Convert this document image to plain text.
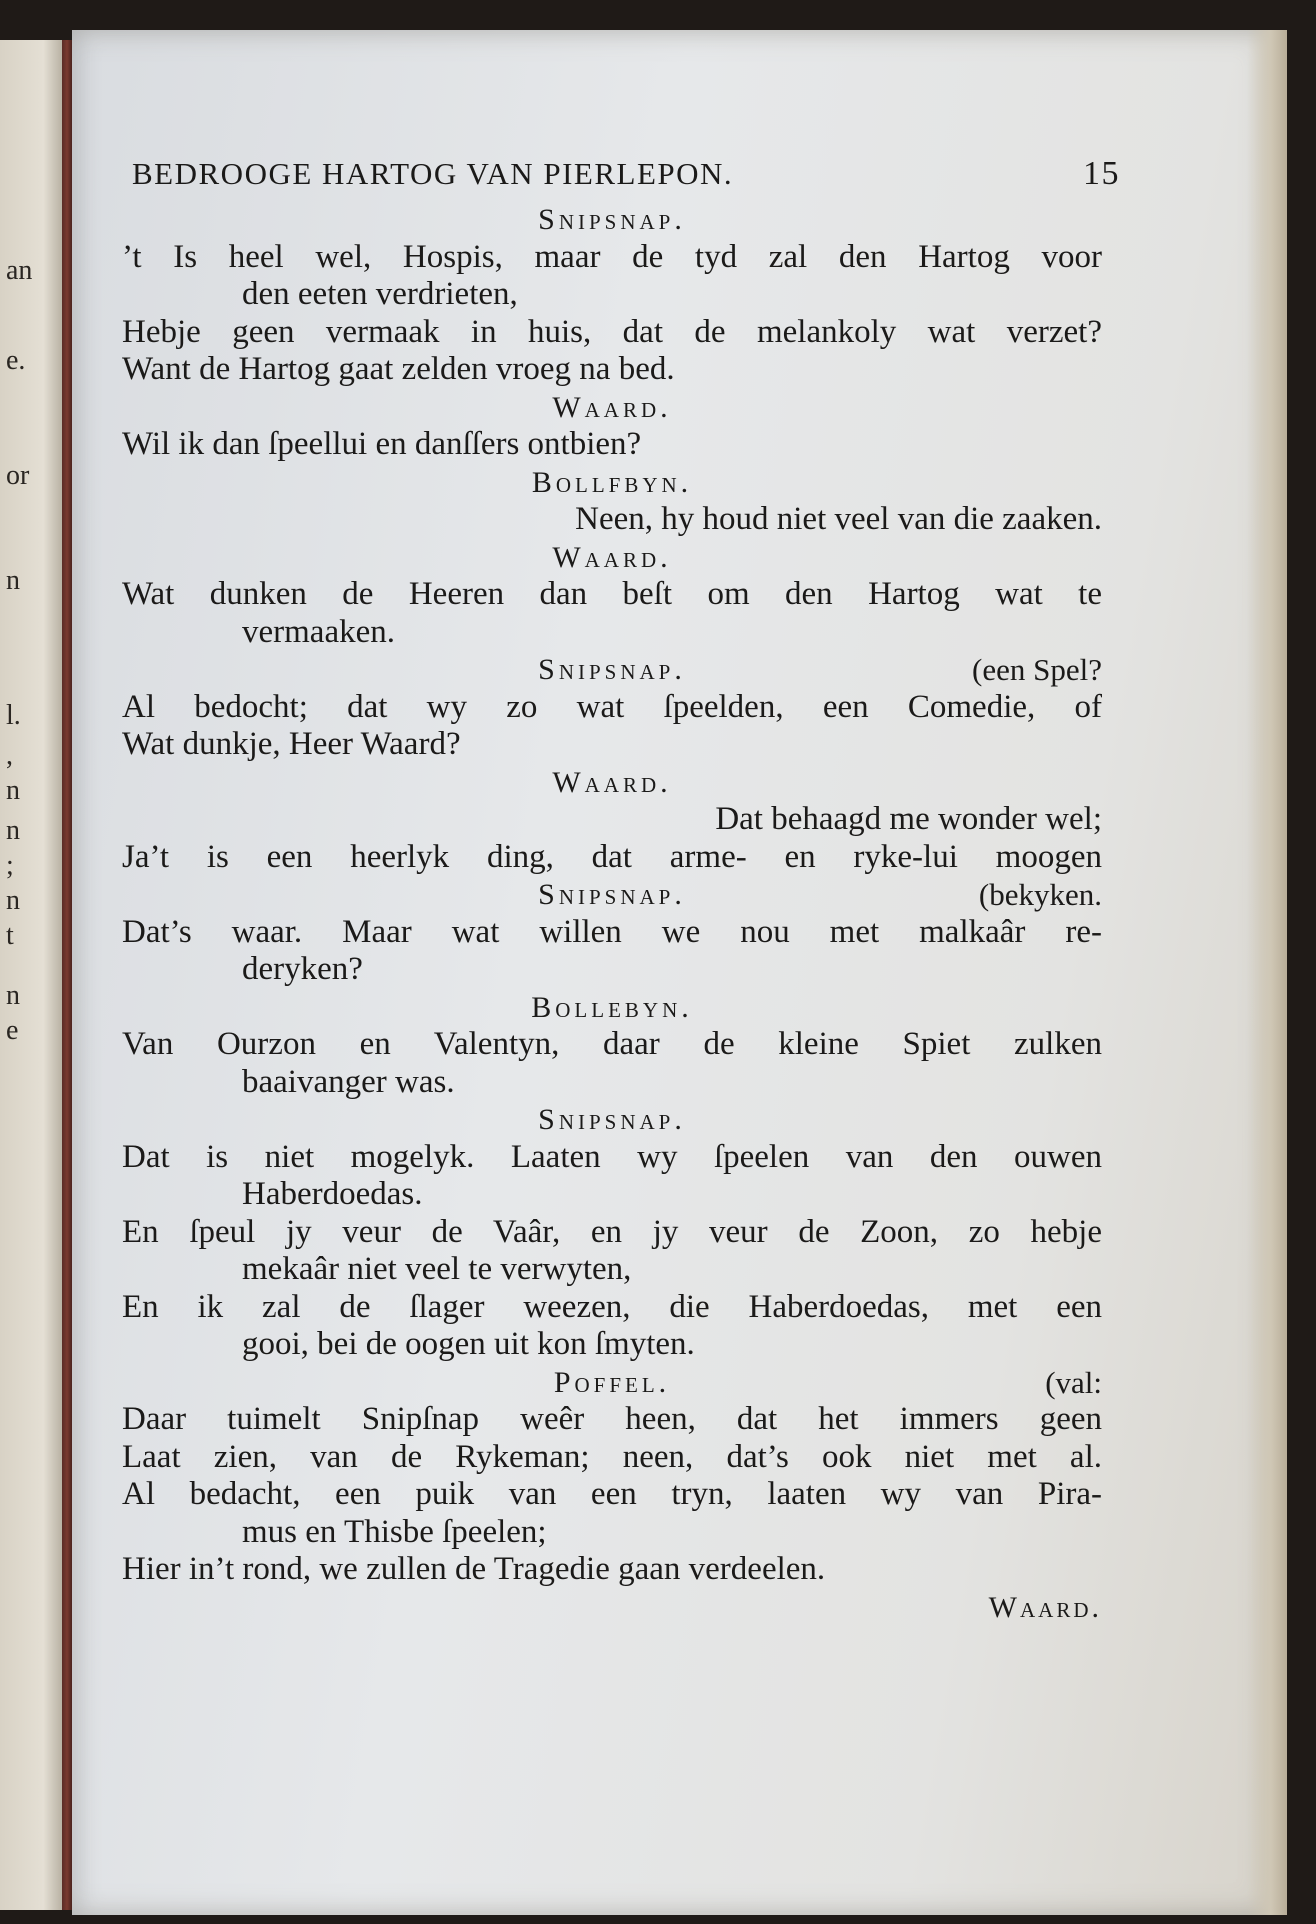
an
e.
or
n
l.
,
n
n
;
n
t
n
e
BEDROOGE HARTOG VAN PIERLEPON.	15
Snipsnap.
’t Is heel wel, Hospis, maar de tyd zal den Hartog voor
den eeten verdrieten,
Hebje geen vermaak in huis, dat de melankoly wat verzet?
Want de Hartog gaat zelden vroeg na bed.
Waard.
Wil ik dan ſpeellui en danſſers ontbien?
Bollfbyn.
Neen, hy houd niet veel van die zaaken.
Waard.
Wat dunken de Heeren dan beſt om den Hartog wat te
vermaaken.
Snipsnap.	(een Spel?
Al bedocht; dat wy zo wat ſpeelden, een Comedie, of
Wat dunkje, Heer Waard?
Waard.
Dat behaagd me wonder wel;
Ja’t is een heerlyk ding, dat arme- en ryke-lui moogen
Snipsnap.	(bekyken.
Dat’s waar. Maar wat willen we nou met malkaâr re-
deryken?
Bollebyn.
Van Ourzon en Valentyn, daar de kleine Spiet zulken
baaivanger was.
Snipsnap.
Dat is niet mogelyk. Laaten wy ſpeelen van den ouwen
Haberdoedas.
En ſpeul jy veur de Vaâr, en jy veur de Zoon, zo hebje
mekaâr niet veel te verwyten,
En ik zal de ſlager weezen, die Haberdoedas, met een
gooi, bei de oogen uit kon ſmyten.
Poffel.	(val:
Daar tuimelt Snipſnap weêr heen, dat het immers geen
Laat zien, van de Rykeman; neen, dat’s ook niet met al.
Al bedacht, een puik van een tryn, laaten wy van Pira-
mus en Thisbe ſpeelen;
Hier in’t rond, we zullen de Tragedie gaan verdeelen.
Waard.
